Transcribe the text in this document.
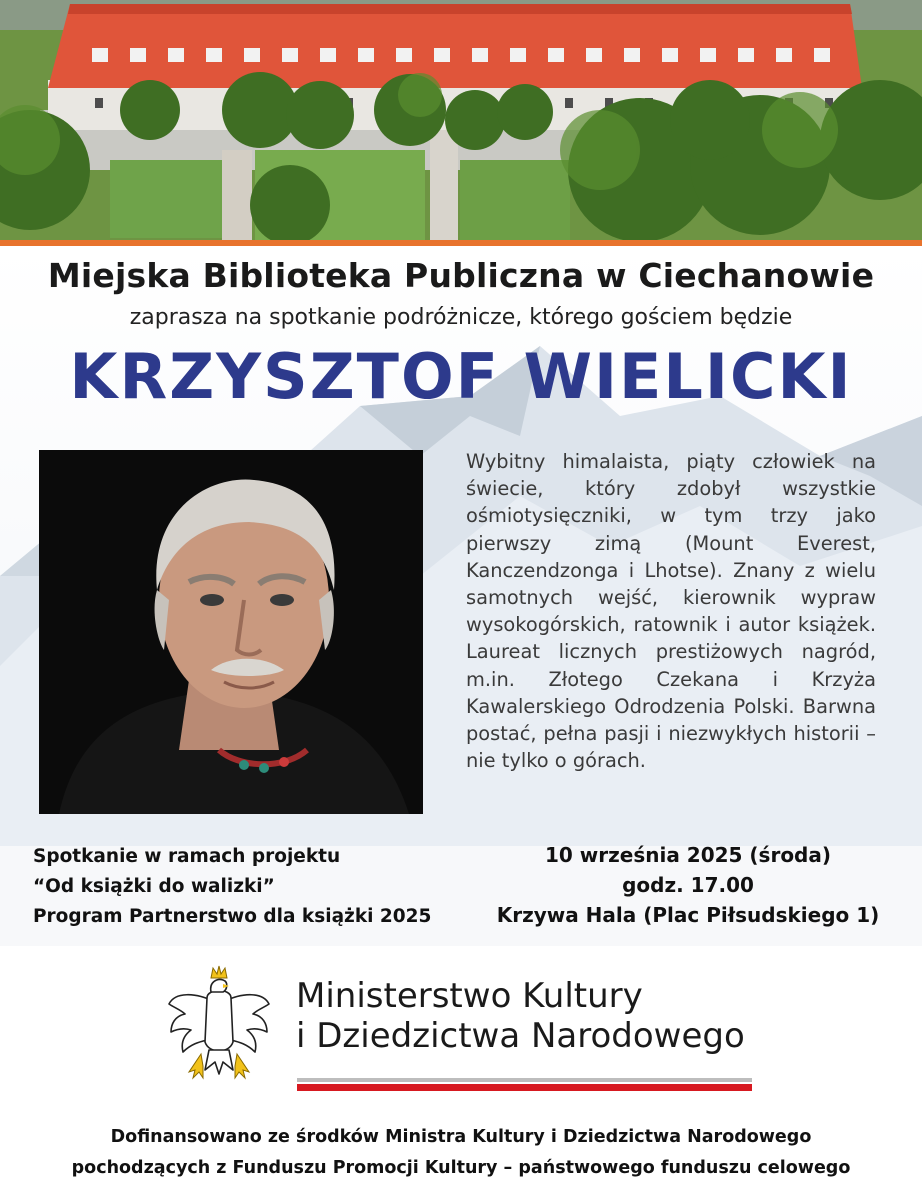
Miejska Biblioteka Publiczna w Ciechanowie
zaprasza na spotkanie podróżnicze, którego gościem będzie
KRZYSZTOF WIELICKI
Wybitny himalaista, piąty człowiek na świecie, który zdobył wszystkie ośmiotysięczniki, w tym trzy jako pierwszy zimą (Mount Everest, Kanczendzonga i Lhotse). Znany z wielu samotnych wejść, kierownik wypraw wysokogórskich, ratownik i autor książek. Laureat licznych prestiżowych nagród, m.in. Złotego Czekana i Krzyża Kawalerskiego Odrodzenia Polski. Barwna postać, pełna pasji i niezwykłych historii – nie tylko o górach.
Spotkanie w ramach projektu
“Od książki do walizki”
Program Partnerstwo dla książki 2025
10 września 2025 (środa)
godz. 17.00
Krzywa Hala (Plac Piłsudskiego 1)
Ministerstwo Kultury
i Dziedzictwa Narodowego
Dofinansowano ze środków Ministra Kultury i Dziedzictwa Narodowego
pochodzących z Funduszu Promocji Kultury – państwowego funduszu celowego
